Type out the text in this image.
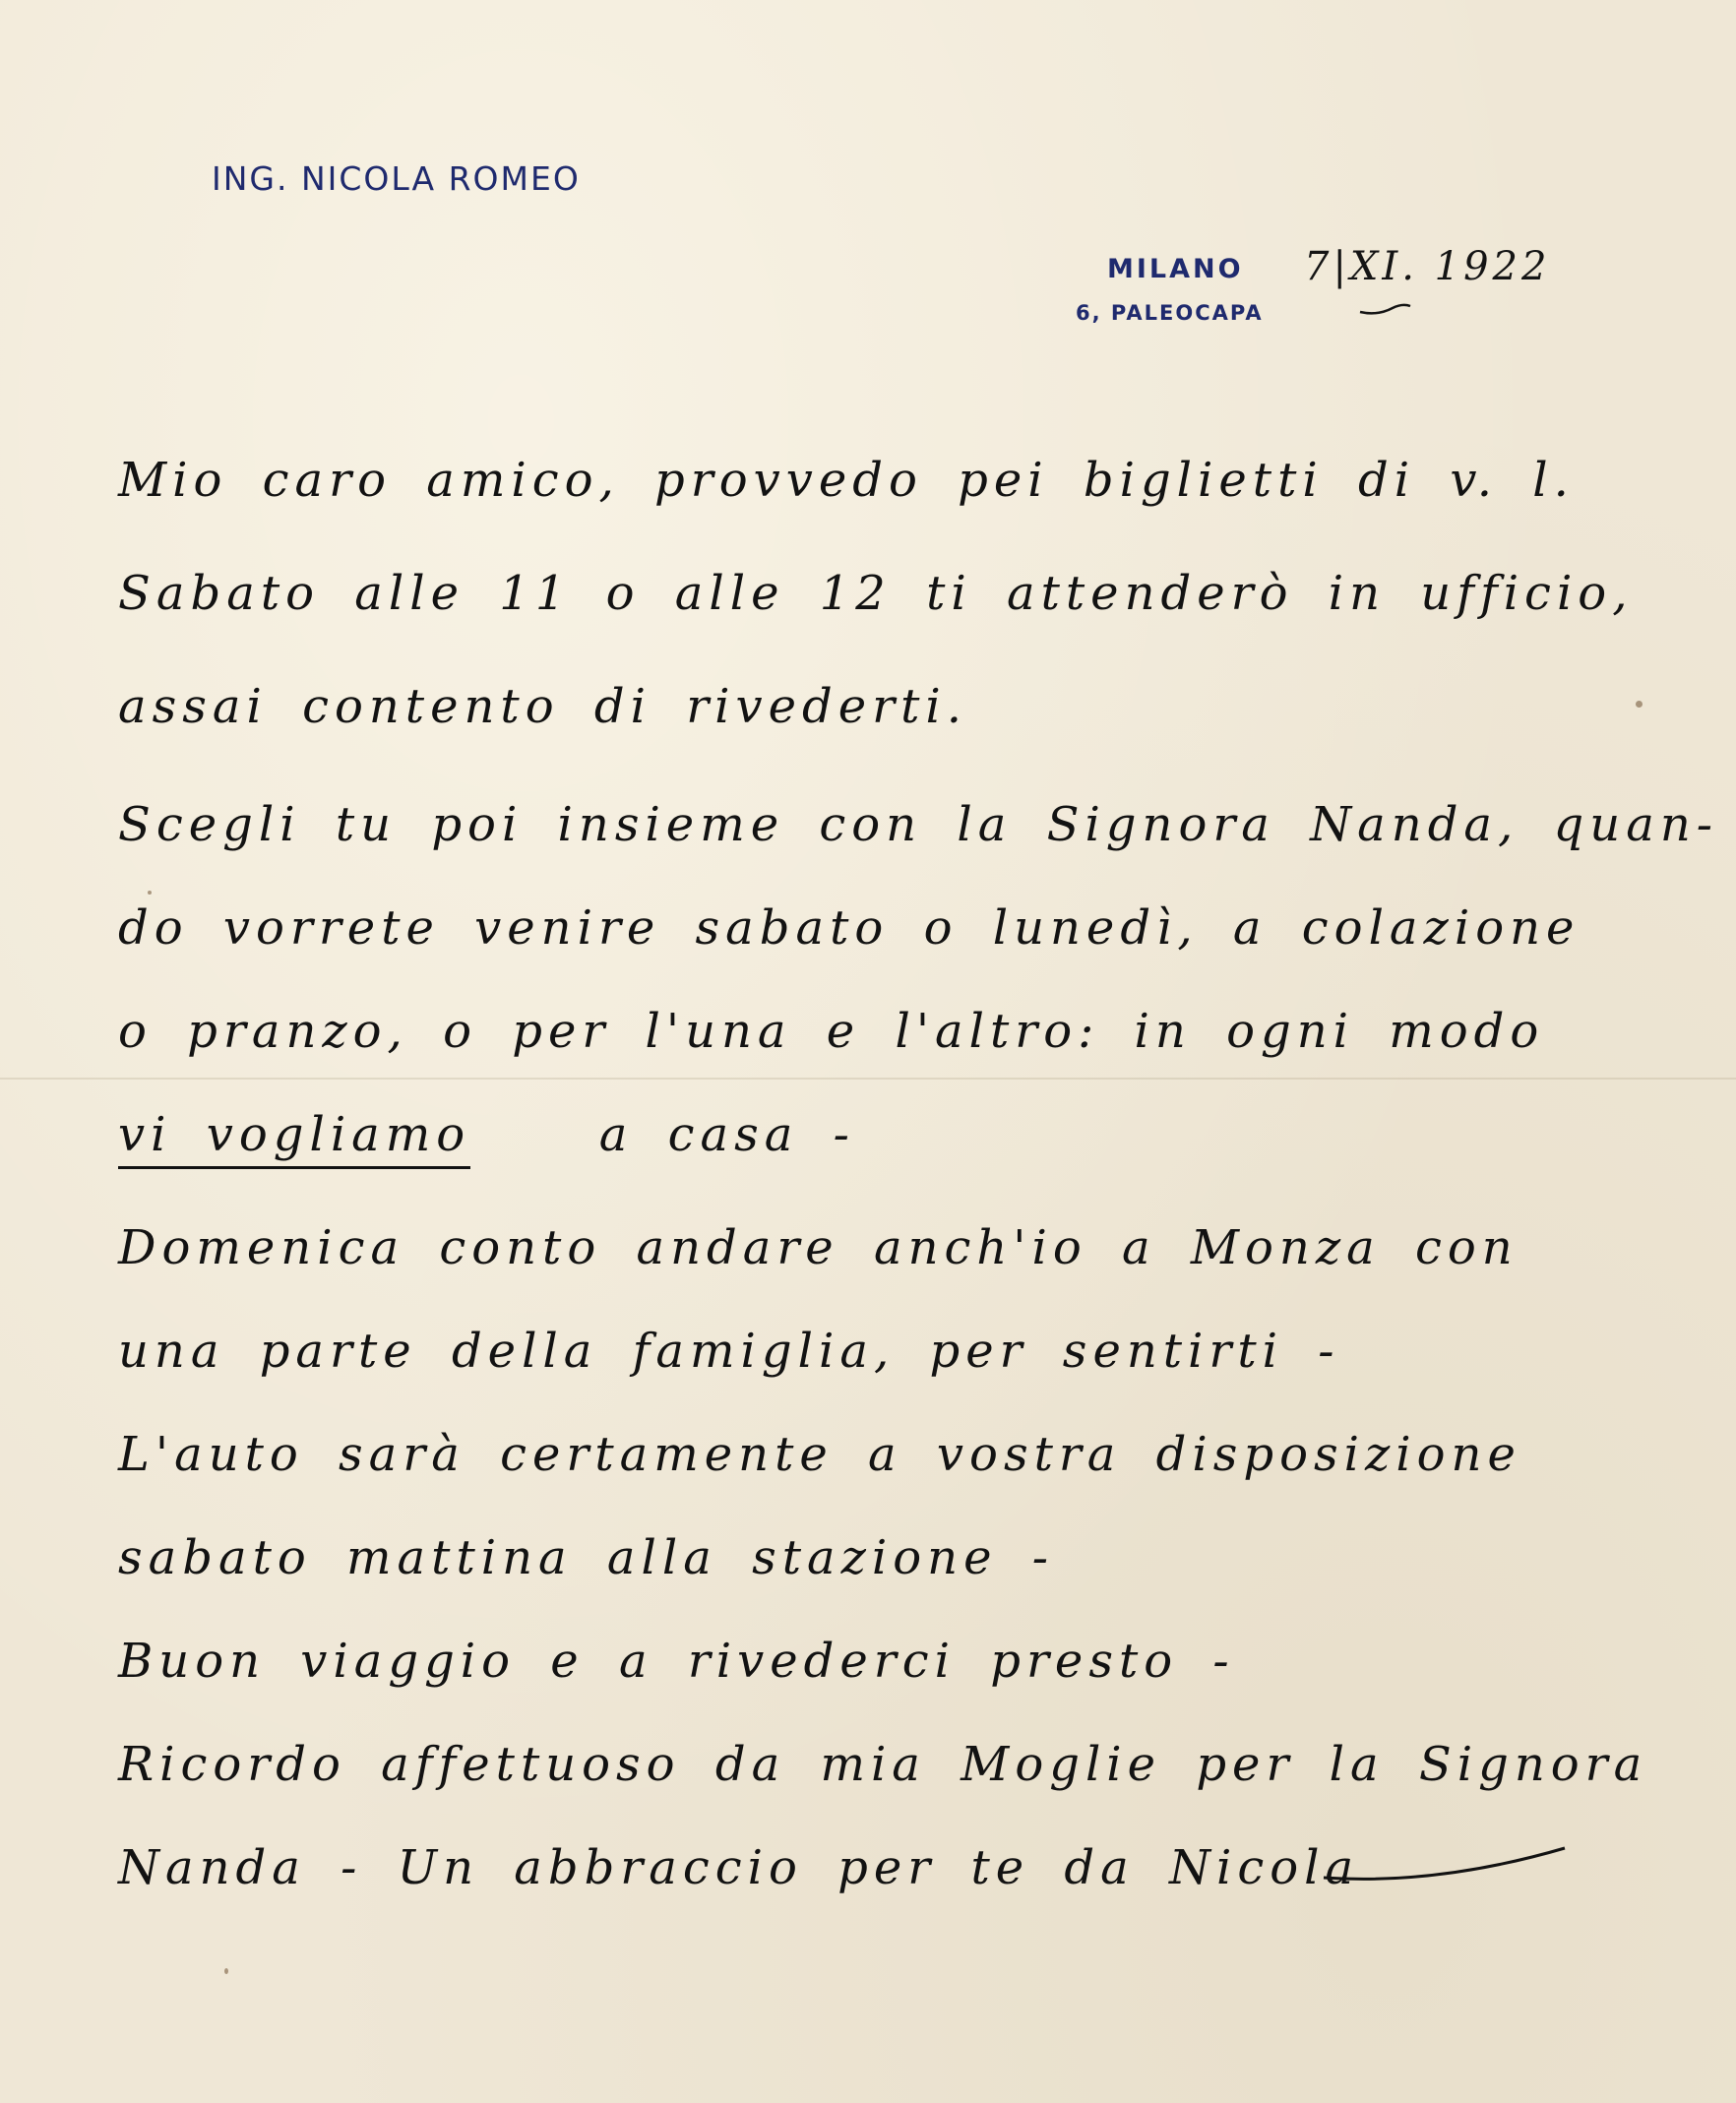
ING. NICOLA ROMEO
MILANO
6, PALEOCAPA
7|XI. 1922
Mio caro amico, provvedo pei biglietti di v. l.
Sabato alle 11 o alle 12 ti attenderò in ufficio,
assai contento di rivederti.
Scegli tu poi insieme con la Signora Nanda, quan-
do vorrete venire sabato o lunedì, a colazione
o pranzo, o per l'una e l'altro: in ogni modo
vi vogliamo	a casa -
Domenica conto andare anch'io a Monza con
una parte della famiglia, per sentirti -
L'auto sarà certamente a vostra disposizione
sabato mattina alla stazione -
Buon viaggio e a rivederci presto -
Ricordo affettuoso da mia Moglie per la Signora
Nanda - Un abbraccio per te da Nicola
